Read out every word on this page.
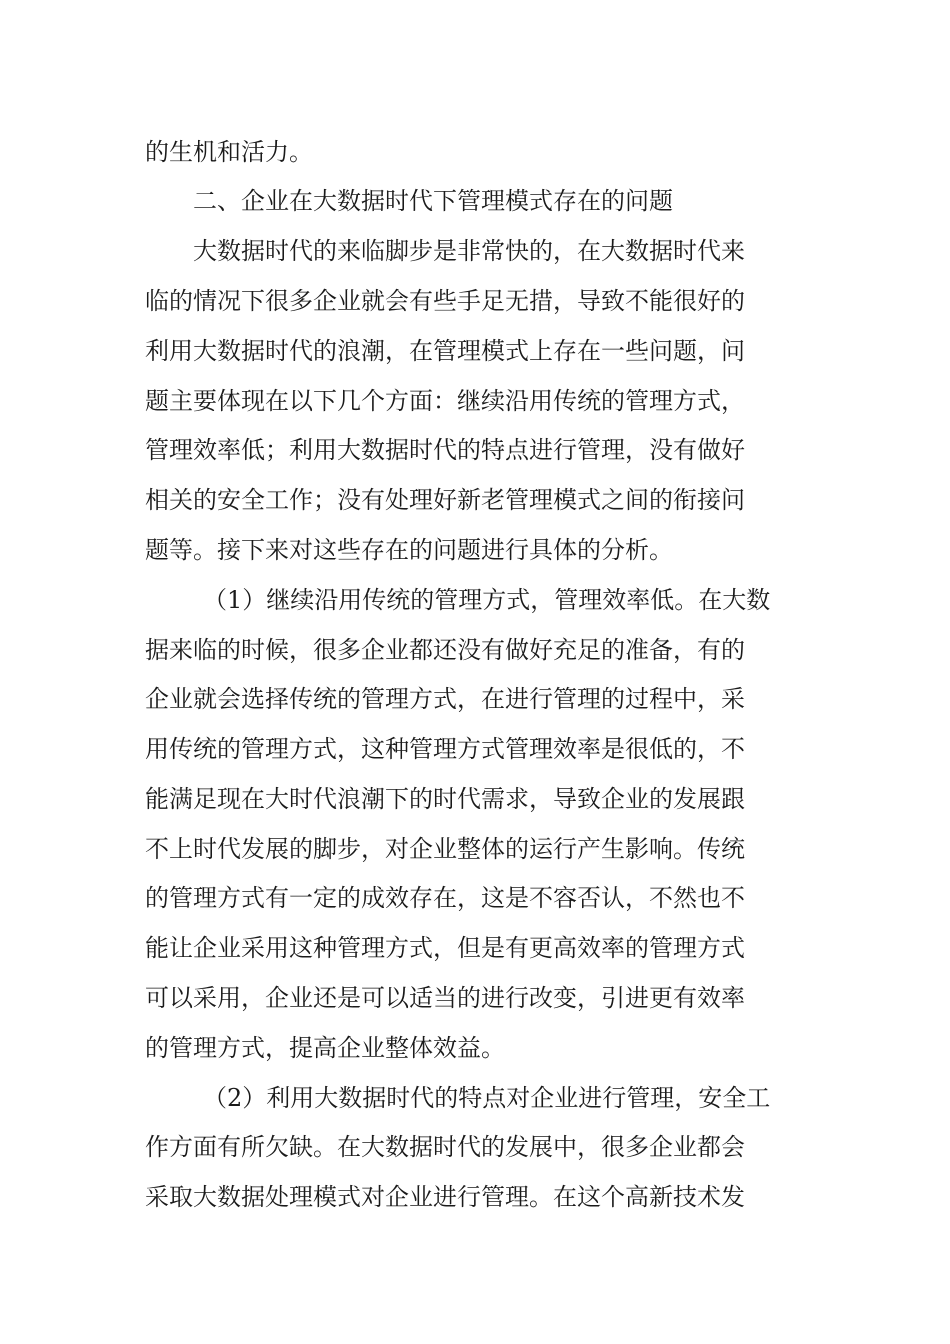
的生机和活力。
二、企业在大数据时代下管理模式存在的问题
大数据时代的来临脚步是非常快的，在大数据时代来
临的情况下很多企业就会有些手足无措，导致不能很好的
利用大数据时代的浪潮，在管理模式上存在一些问题，问
题主要体现在以下几个方面：继续沿用传统的管理方式，
管理效率低；利用大数据时代的特点进行管理，没有做好
相关的安全工作；没有处理好新老管理模式之间的衔接问
题等。接下来对这些存在的问题进行具体的分析。
（1）继续沿用传统的管理方式，管理效率低。在大数
据来临的时候，很多企业都还没有做好充足的准备，有的
企业就会选择传统的管理方式，在进行管理的过程中，采
用传统的管理方式，这种管理方式管理效率是很低的，不
能满足现在大时代浪潮下的时代需求，导致企业的发展跟
不上时代发展的脚步，对企业整体的运行产生影响。传统
的管理方式有一定的成效存在，这是不容否认，不然也不
能让企业采用这种管理方式，但是有更高效率的管理方式
可以采用，企业还是可以适当的进行改变，引进更有效率
的管理方式，提高企业整体效益。
（2）利用大数据时代的特点对企业进行管理，安全工
作方面有所欠缺。在大数据时代的发展中，很多企业都会
采取大数据处理模式对企业进行管理。在这个高新技术发
